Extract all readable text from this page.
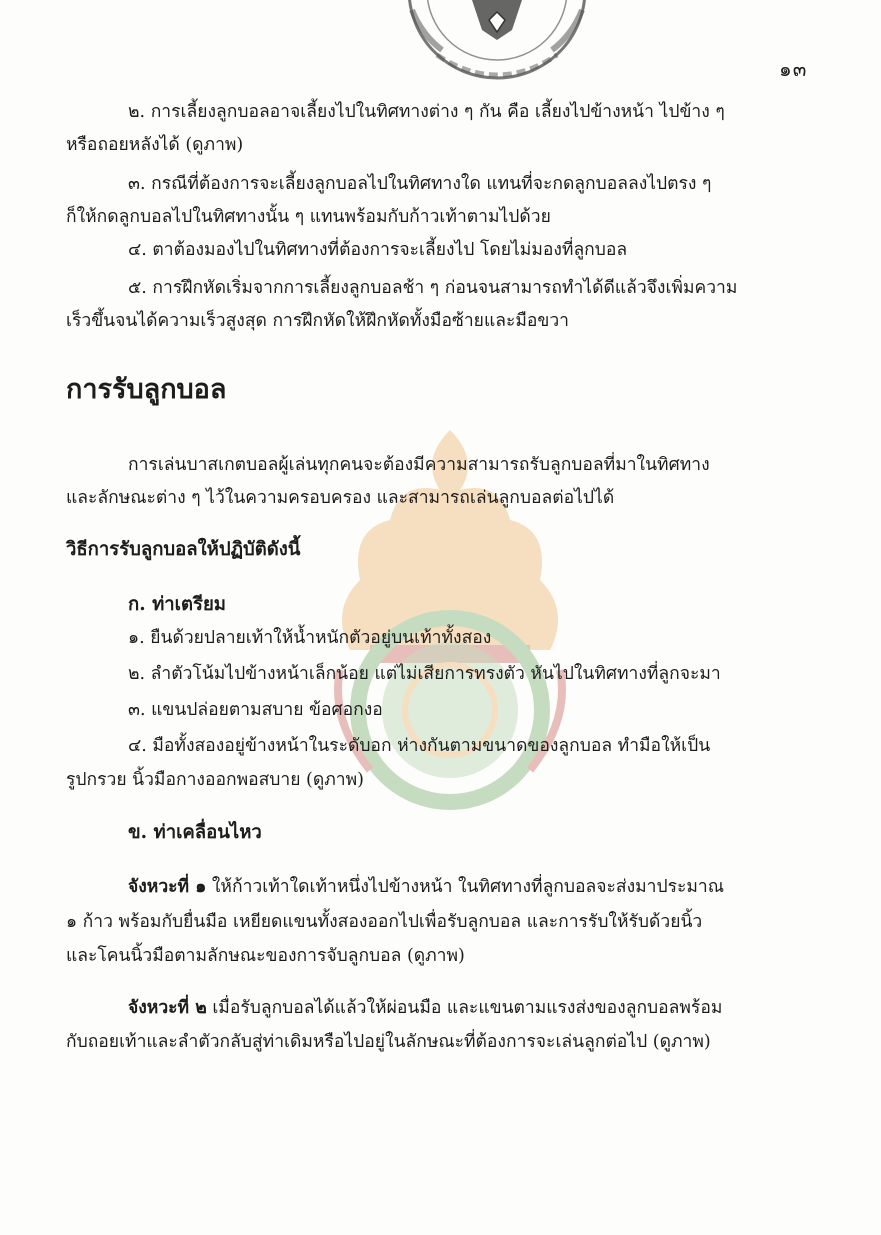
๑๓
๒. การเลี้ยงลูกบอลอาจเลี้ยงไปในทิศทางต่าง ๆ กัน คือ เลี้ยงไปข้างหน้า ไปข้าง ๆ
หรือถอยหลังได้ (ดูภาพ)
๓. กรณีที่ต้องการจะเลี้ยงลูกบอลไปในทิศทางใด แทนที่จะกดลูกบอลลงไปตรง ๆ
ก็ให้กดลูกบอลไปในทิศทางนั้น ๆ แทนพร้อมกับก้าวเท้าตามไปด้วย
๔. ตาต้องมองไปในทิศทางที่ต้องการจะเลี้ยงไป โดยไม่มองที่ลูกบอล
๕. การฝึกหัดเริ่มจากการเลี้ยงลูกบอลช้า ๆ ก่อนจนสามารถทำได้ดีแล้วจึงเพิ่มความ
เร็วขึ้นจนได้ความเร็วสูงสุด การฝึกหัดให้ฝึกหัดทั้งมือซ้ายและมือขวา
การรับลูกบอล
การเล่นบาสเกตบอลผู้เล่นทุกคนจะต้องมีความสามารถรับลูกบอลที่มาในทิศทาง
และลักษณะต่าง ๆ ไว้ในความครอบครอง และสามารถเล่นลูกบอลต่อไปได้
วิธีการรับลูกบอลให้ปฏิบัติดังนี้
ก. ท่าเตรียม
๑. ยืนด้วยปลายเท้าให้น้ำหนักตัวอยู่บนเท้าทั้งสอง
๒. ลำตัวโน้มไปข้างหน้าเล็กน้อย แต่ไม่เสียการทรงตัว หันไปในทิศทางที่ลูกจะมา
๓. แขนปล่อยตามสบาย ข้อศอกงอ
๔. มือทั้งสองอยู่ข้างหน้าในระดับอก ห่างกันตามขนาดของลูกบอล ทำมือให้เป็น
รูปกรวย นิ้วมือกางออกพอสบาย (ดูภาพ)
ข. ท่าเคลื่อนไหว
จังหวะที่ ๑ ให้ก้าวเท้าใดเท้าหนึ่งไปข้างหน้า ในทิศทางที่ลูกบอลจะส่งมาประมาณ
๑ ก้าว พร้อมกับยื่นมือ เหยียดแขนทั้งสองออกไปเพื่อรับลูกบอล และการรับให้รับด้วยนิ้ว
และโคนนิ้วมือตามลักษณะของการจับลูกบอล (ดูภาพ)
จังหวะที่ ๒ เมื่อรับลูกบอลได้แล้วให้ผ่อนมือ และแขนตามแรงส่งของลูกบอลพร้อม
กับถอยเท้าและลำตัวกลับสู่ท่าเดิมหรือไปอยู่ในลักษณะที่ต้องการจะเล่นลูกต่อไป (ดูภาพ)
